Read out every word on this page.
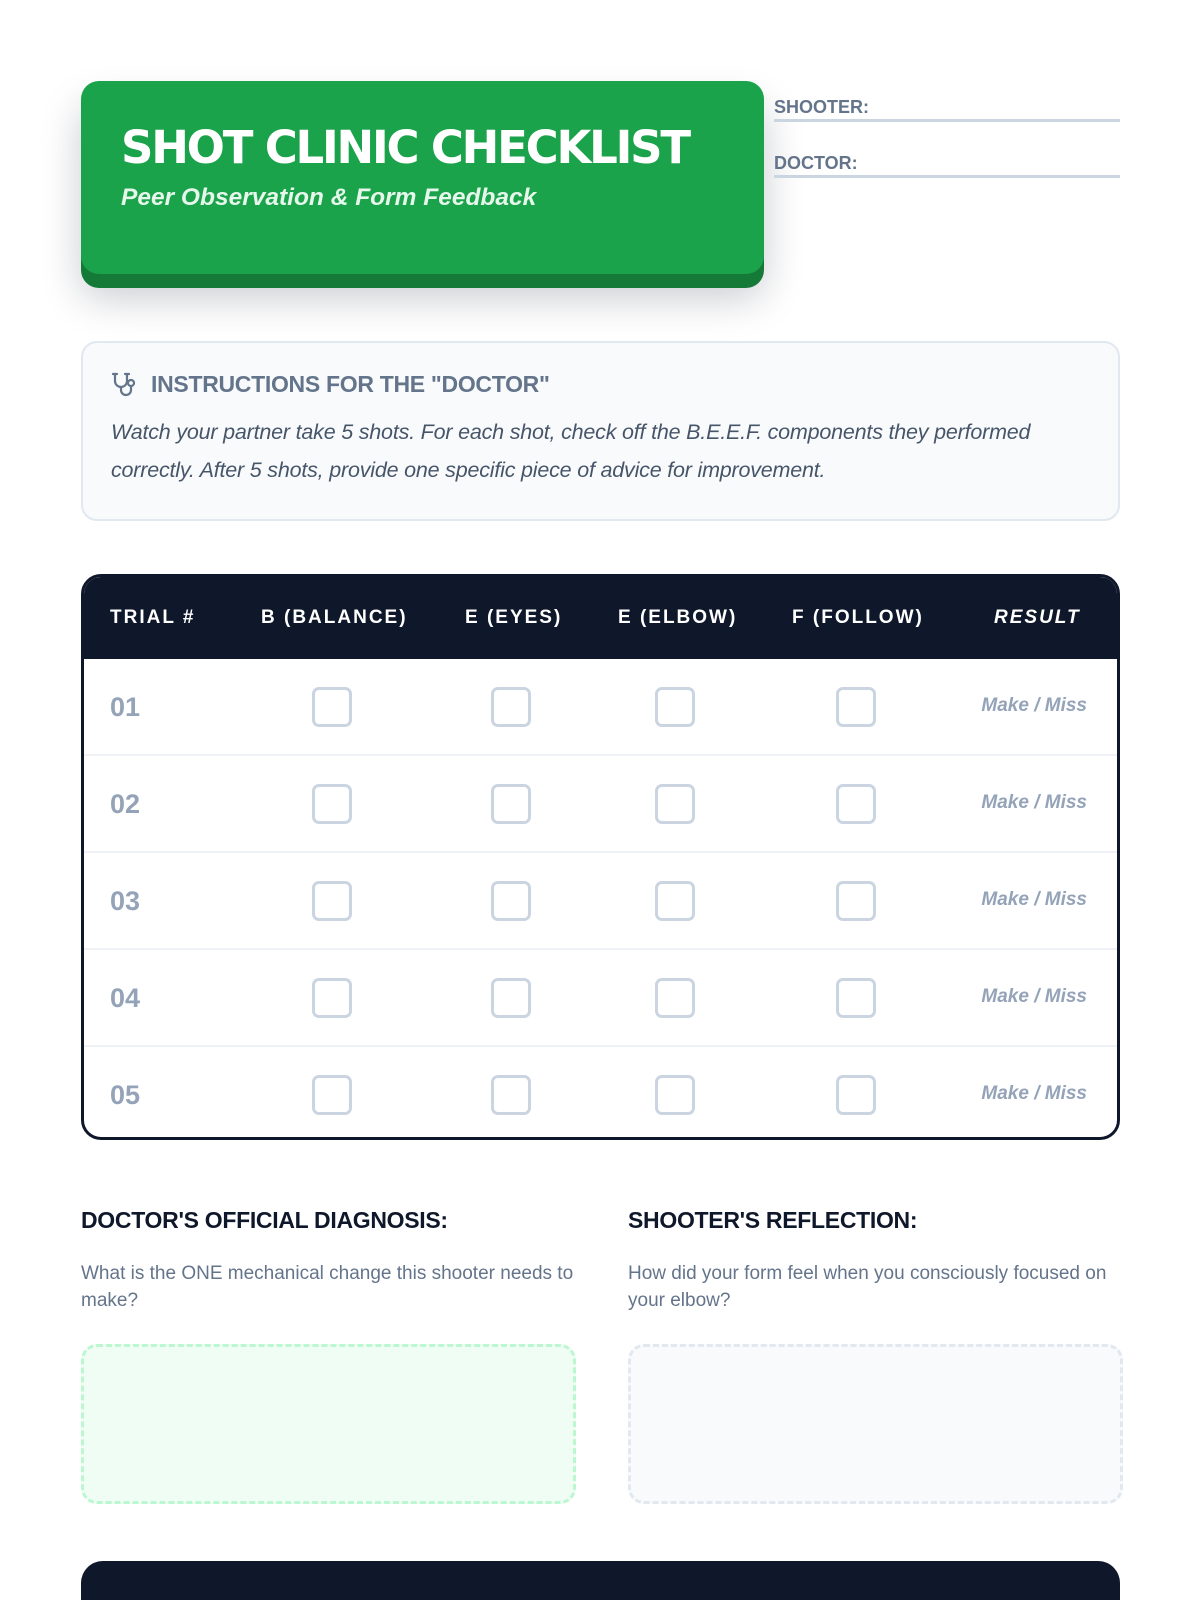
SHOT CLINIC CHECKLIST
Peer Observation & Form Feedback
SHOOTER:
DOCTOR:
INSTRUCTIONS FOR THE "DOCTOR"
Watch your partner take 5 shots. For each shot, check off the B.E.E.F. components they performed correctly. After 5 shots, provide one specific piece of advice for improvement.
TRIAL #	B (BALANCE)	E (EYES)	E (ELBOW)	F (FOLLOW)	RESULT
01	Make / Miss
02	Make / Miss
03	Make / Miss
04	Make / Miss
05	Make / Miss
DOCTOR'S OFFICIAL DIAGNOSIS:
What is the ONE mechanical change this shooter needs to make?
SHOOTER'S REFLECTION:
How did your form feel when you consciously focused on your elbow?
